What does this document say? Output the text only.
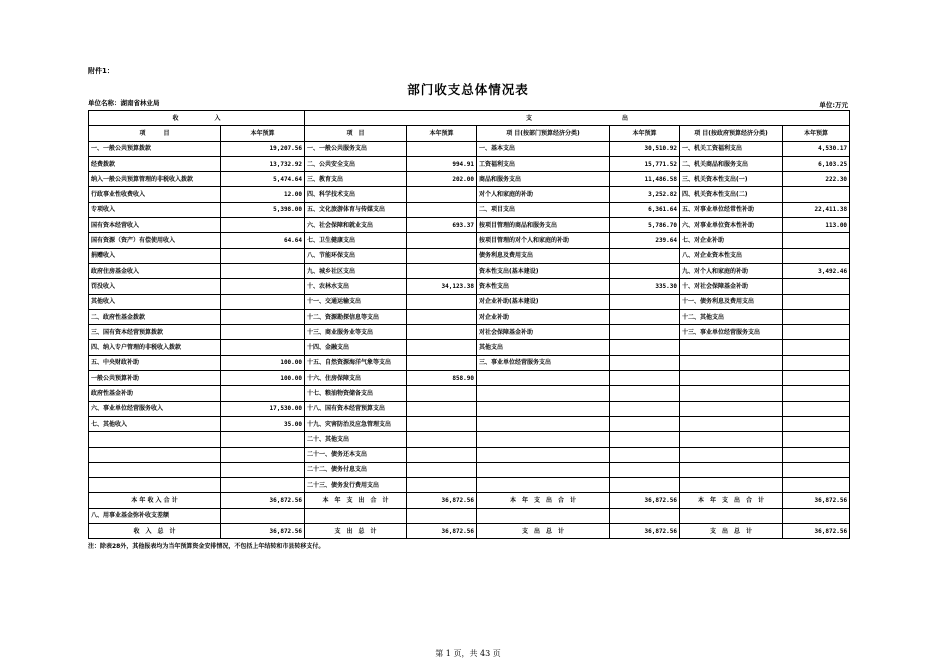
附件1：
部门收支总体情况表
单位名称：湖南省林业局	单位:万元
收　　　　　　入		支　　　　　　　　　　　　　　　出					
项　　　目	本年预算	项　目	本年预算	项 目(按部门预算经济分类)	本年预算	项 目(按政府预算经济分类)	本年预算
一、一般公共预算拨款	19,207.56	一、一般公共服务支出		一、基本支出	30,510.92	一、机关工资福利支出	4,530.17
经费拨款	13,732.92	二、公共安全支出	994.91	工资福利支出	15,771.52	二、机关商品和服务支出	6,103.25
纳入一般公共预算管理的非税收入拨款	5,474.64	三、教育支出	202.00	商品和服务支出	11,486.58	三、机关资本性支出(一)	222.30
行政事业性收费收入	12.00	四、科学技术支出		对个人和家庭的补助	3,252.82	四、机关资本性支出(二)	
专项收入	5,398.00	五、文化旅游体育与传媒支出		二、项目支出	6,361.64	五、对事业单位经常性补助	22,411.38
国有资本经营收入		六、社会保障和就业支出	693.37	按项目管理的商品和服务支出	5,786.70	六、对事业单位资本性补助	113.00
国有资源（资产）有偿使用收入	64.64	七、卫生健康支出		按项目管理的对个人和家庭的补助	239.64	七、对企业补助	
捐赠收入		八、节能环保支出		债务利息及费用支出		八、对企业资本性支出	
政府住房基金收入		九、城乡社区支出		资本性支出(基本建设)		九、对个人和家庭的补助	3,492.46
罚没收入		十、农林水支出	34,123.38	资本性支出	335.30	十、对社会保障基金补助	
其他收入		十一、交通运输支出		对企业补助(基本建设)		十一、债务利息及费用支出	
二、政府性基金拨款		十二、资源勘探信息等支出		对企业补助		十二、其他支出	
三、国有资本经营预算拨款		十三、商业服务业等支出		对社会保障基金补助		十三、事业单位经营服务支出	
四、纳入专户管理的非税收入拨款		十四、金融支出		其他支出			
五、中央财政补助	100.00	十五、自然资源海洋气象等支出		三、事业单位经营服务支出			
一般公共预算补助	100.00	十六、住房保障支出	858.90				
政府性基金补助		十七、粮油物资储备支出					
六、事业单位经营服务收入	17,530.00	十八、国有资本经营预算支出					
七、其他收入	35.00	十九、灾害防治及应急管理支出					
		二十、其他支出					
		二十一、债务还本支出					
		二十二、债务付息支出					
		二十三、债务发行费用支出					
本 年 收 入 合 计	36,872.56	本　年　支　出　合　计	36,872.56	本　年　支　出　合　计	36,872.56	本　年　支　出　合　计	36,872.56
八、用事业基金弥补收支差额							
收　入　总　计	36,872.56	支　出　总　计	36,872.56	支　出　总　计	36,872.56	支　出　总　计	36,872.56
注：除表28外，其他报表均为当年预算资金安排情况，不包括上年结转和市县转移支付。
第 1 页，共 43 页
